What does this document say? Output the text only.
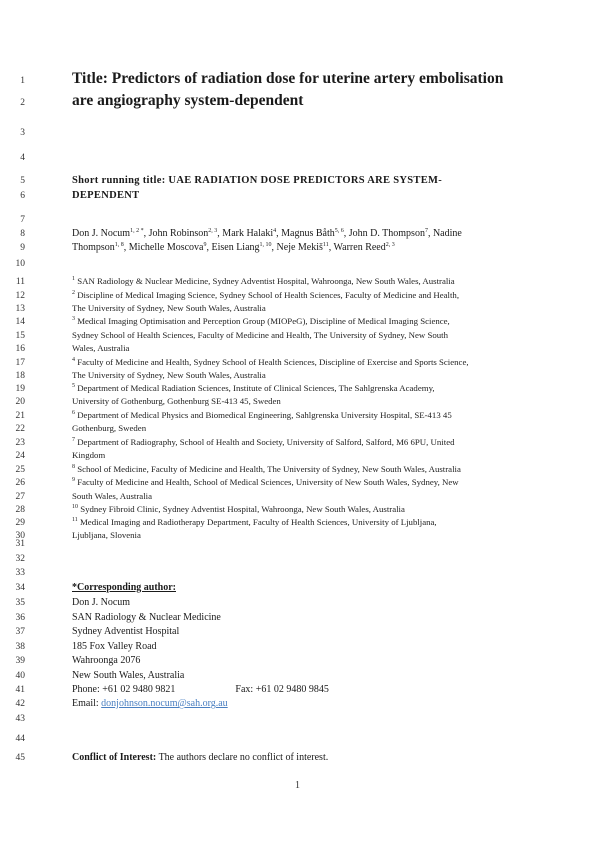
1	Title: Predictors of radiation dose for uterine artery embolisation
2	are angiography system-dependent
3
4
5	Short running title: UAE RADIATION DOSE PREDICTORS ARE SYSTEM-
6	DEPENDENT
7
8	Don J. Nocum$^{1, 2 *}$, John Robinson$^{2, 3}$, Mark Halaki$^4$, Magnus Båth$^{5, 6}$, John D. Thompson$^7$, Nadine
9	Thompson$^{1, 8}$, Michelle Moscova$^9$, Eisen Liang$^{1, 10}$, Neje Mekiš$^{11}$, Warren Reed$^{2, 3}$
10
11	$^1$ SAN Radiology & Nuclear Medicine, Sydney Adventist Hospital, Wahroonga, New South Wales, Australia
12	$^2$ Discipline of Medical Imaging Science, Sydney School of Health Sciences, Faculty of Medicine and Health,
13	The University of Sydney, New South Wales, Australia
14	$^3$ Medical Imaging Optimisation and Perception Group (MIOPeG), Discipline of Medical Imaging Science,
15	Sydney School of Health Sciences, Faculty of Medicine and Health, The University of Sydney, New South
16	Wales, Australia
17	$^4$ Faculty of Medicine and Health, Sydney School of Health Sciences, Discipline of Exercise and Sports Science,
18	The University of Sydney, New South Wales, Australia
19	$^5$ Department of Medical Radiation Sciences, Institute of Clinical Sciences, The Sahlgrenska Academy,
20	University of Gothenburg, Gothenburg SE-413 45, Sweden
21	$^6$ Department of Medical Physics and Biomedical Engineering, Sahlgrenska University Hospital, SE-413 45
22	Gothenburg, Sweden
23	$^7$ Department of Radiography, School of Health and Society, University of Salford, Salford, M6 6PU, United
24	Kingdom
25	$^8$ School of Medicine, Faculty of Medicine and Health, The University of Sydney, New South Wales, Australia
26	$^9$ Faculty of Medicine and Health, School of Medical Sciences, University of New South Wales, Sydney, New
27	South Wales, Australia
28	$^{10}$ Sydney Fibroid Clinic, Sydney Adventist Hospital, Wahroonga, New South Wales, Australia
29	$^{11}$ Medical Imaging and Radiotherapy Department, Faculty of Health Sciences, University of Ljubljana,
30	Ljubljana, Slovenia
31
32
33
34	*Corresponding author:
35	Don J. Nocum
36	SAN Radiology & Nuclear Medicine
37	Sydney Adventist Hospital
38	185 Fox Valley Road
39	Wahroonga 2076
40	New South Wales, Australia
41	Phone: +61 02 9480 9821	Fax: +61 02 9480 9845
42	Email: donjohnson.nocum@sah.org.au
43
44
45	Conflict of Interest: The authors declare no conflict of interest.
1
